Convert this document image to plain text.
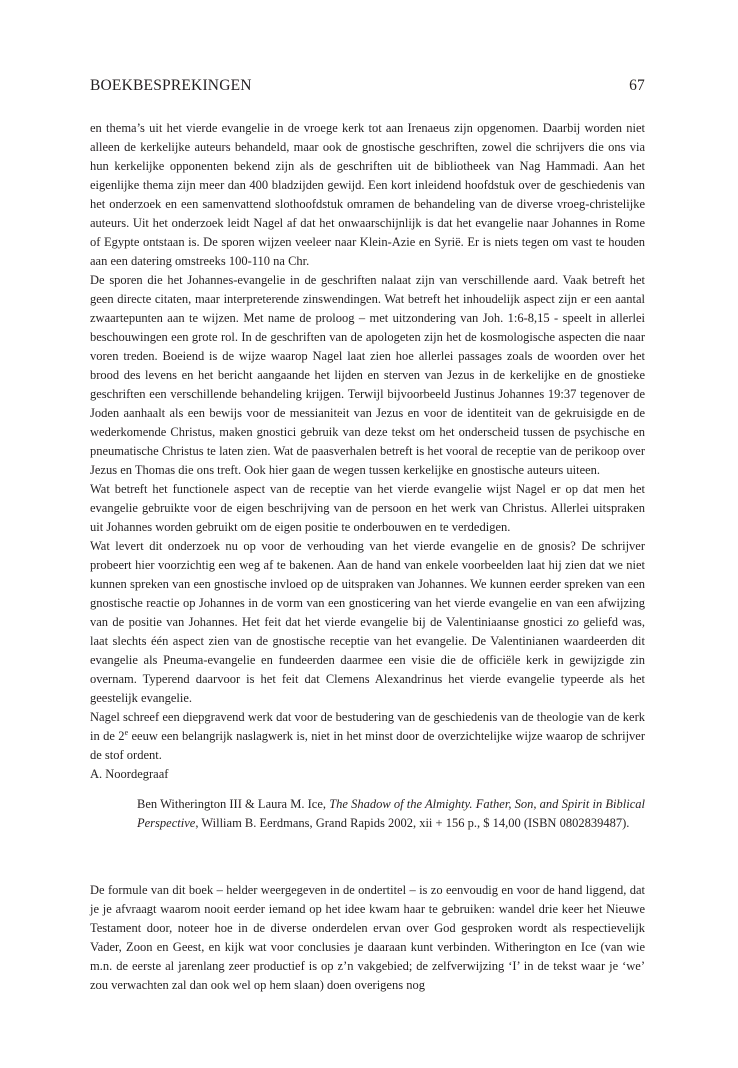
BOEKBESPREKINGEN	67

en thema’s uit het vierde evangelie in de vroege kerk tot aan Irenaeus zijn opgenomen. Daarbij worden niet alleen de kerkelijke auteurs behandeld, maar ook de gnostische geschriften, zowel die schrijvers die ons via hun kerkelijke opponenten bekend zijn als de geschriften uit de bibliotheek van Nag Hammadi. Aan het eigenlijke thema zijn meer dan 400 bladzijden gewijd. Een kort inleidend hoofdstuk over de geschiedenis van het onderzoek en een samenvattend slothoofdstuk omramen de behandeling van de diverse vroeg-christelijke auteurs. Uit het onderzoek leidt Nagel af dat het onwaarschijnlijk is dat het evangelie naar Johannes in Rome of Egypte ontstaan is. De sporen wijzen veeleer naar Klein-Azie en Syrië. Er is niets tegen om vast te houden aan een datering omstreeks 100-110 na Chr.

De sporen die het Johannes-evangelie in de geschriften nalaat zijn van verschillende aard. Vaak betreft het geen directe citaten, maar interpreterende zinswendingen. Wat betreft het inhoudelijk aspect zijn er een aantal zwaartepunten aan te wijzen. Met name de proloog – met uitzondering van Joh. 1:6-8,15 - speelt in allerlei beschouwingen een grote rol. In de geschriften van de apologeten zijn het de kosmologische aspecten die naar voren treden. Boeiend is de wijze waarop Nagel laat zien hoe allerlei passages zoals de woorden over het brood des levens en het bericht aangaande het lijden en sterven van Jezus in de kerkelijke en de gnostieke geschriften een verschillende behandeling krijgen. Terwijl bijvoorbeeld Justinus Johannes 19:37 tegenover de Joden aanhaalt als een bewijs voor de messianiteit van Jezus en voor de identiteit van de gekruisigde en de wederkomende Christus, maken gnostici gebruik van deze tekst om het onderscheid tussen de psychische en pneumatische Christus te laten zien. Wat de paasverhalen betreft is het vooral de receptie van de perikoop over Jezus en Thomas die ons treft. Ook hier gaan de wegen tussen kerkelijke en gnostische auteurs uiteen.

Wat betreft het functionele aspect van de receptie van het vierde evangelie wijst Nagel er op dat men het evangelie gebruikte voor de eigen beschrijving van de persoon en het werk van Christus. Allerlei uitspraken uit Johannes worden gebruikt om de eigen positie te onderbouwen en te verdedigen.

Wat levert dit onderzoek nu op voor de verhouding van het vierde evangelie en de gnosis? De schrijver probeert hier voorzichtig een weg af te bakenen. Aan de hand van enkele voorbeelden laat hij zien dat we niet kunnen spreken van een gnostische invloed op de uitspraken van Johannes. We kunnen eerder spreken van een gnostische reactie op Johannes in de vorm van een gnosticering van het vierde evangelie en van een afwijzing van de positie van Johannes. Het feit dat het vierde evangelie bij de Valentiniaanse gnostici zo geliefd was, laat slechts één aspect zien van de gnostische receptie van het evangelie. De Valentinianen waardeerden dit evangelie als Pneuma-evangelie en fundeerden daarmee een visie die de officiële kerk in gewijzigde zin overnam. Typerend daarvoor is het feit dat Clemens Alexandrinus het vierde evangelie typeerde als het geestelijk evangelie.

Nagel schreef een diepgravend werk dat voor de bestudering van de geschiedenis van de theologie van de kerk in de 2e eeuw een belangrijk naslagwerk is, niet in het minst door de overzichtelijke wijze waarop de schrijver de stof ordent.

A. Noordegraaf

Ben Witherington III & Laura M. Ice, The Shadow of the Almighty. Father, Son, and Spirit in Biblical Perspective, William B. Eerdmans, Grand Rapids 2002, xii + 156 p., $ 14,00 (ISBN 0802839487).

De formule van dit boek – helder weergegeven in de ondertitel – is zo eenvoudig en voor de hand liggend, dat je je afvraagt waarom nooit eerder iemand op het idee kwam haar te gebruiken: wandel drie keer het Nieuwe Testament door, noteer hoe in de diverse onderdelen ervan over God gesproken wordt als respectievelijk Vader, Zoon en Geest, en kijk wat voor conclusies je daaraan kunt verbinden. Witherington en Ice (van wie m.n. de eerste al jarenlang zeer productief is op z’n vakgebied; de zelfverwijzing ‘I’ in de tekst waar je ‘we’ zou verwachten zal dan ook wel op hem slaan) doen overigens nog
